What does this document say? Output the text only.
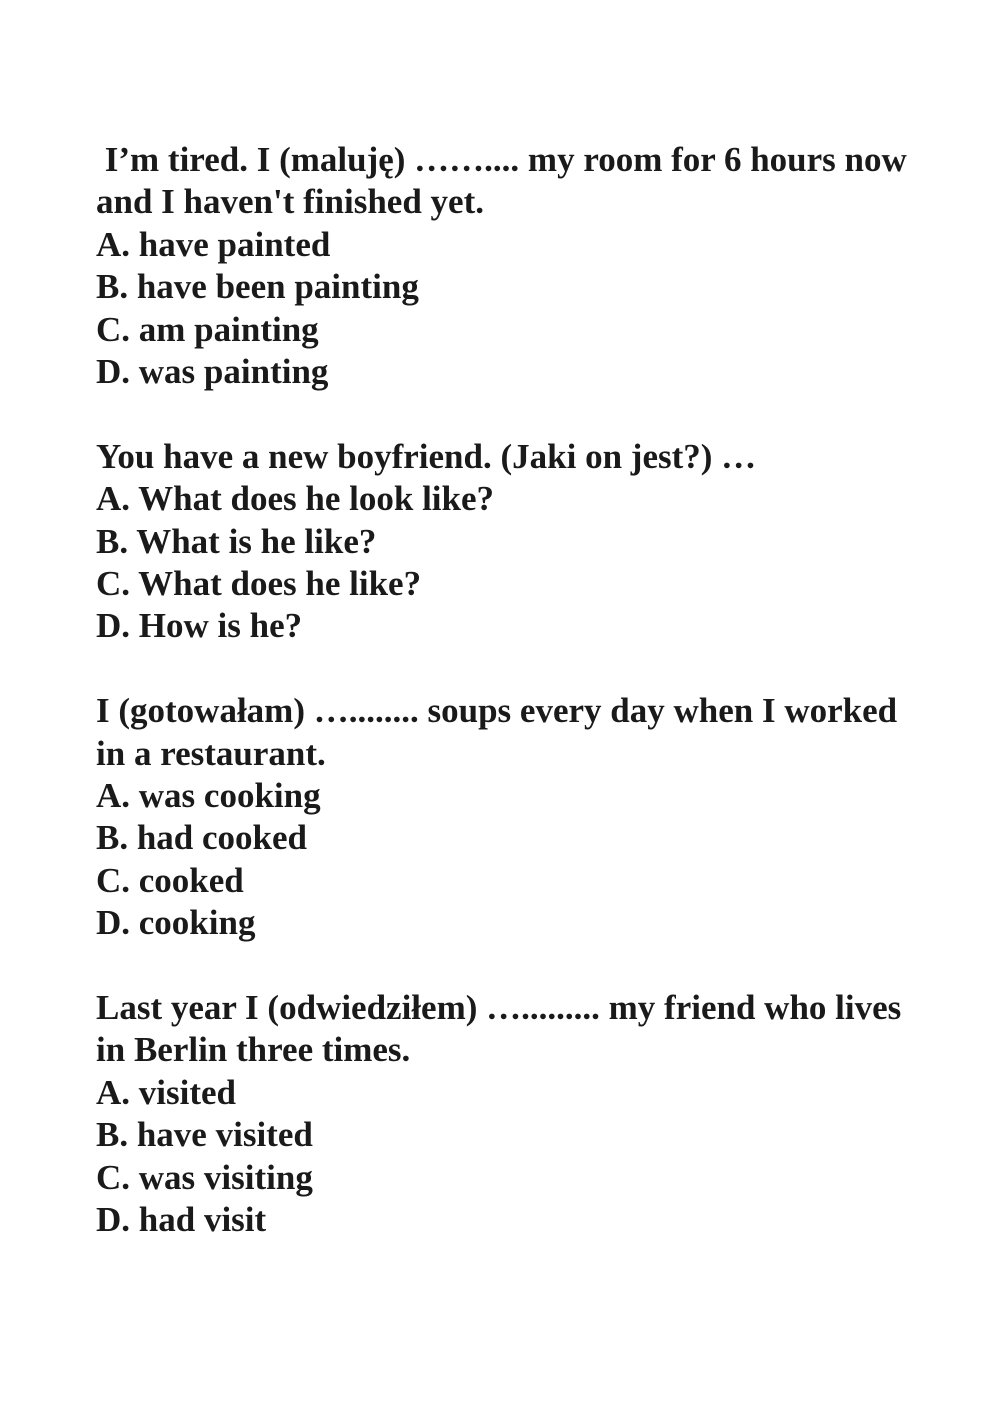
I’m tired. I (maluję) …….... my room for 6 hours now and I haven't finished yet.
A. have painted
B. have been painting
C. am painting
D. was painting
You have a new boyfriend. (Jaki on jest?) …
A. What does he look like?
B. What is he like?
C. What does he like?
D. How is he?
I (gotowałam) …........ soups every day when I worked in a restaurant.
A. was cooking
B. had cooked
C. cooked
D. cooking
Last year I (odwiedziłem) …......... my friend who lives in Berlin three times.
A. visited
B. have visited
C. was visiting
D. had visit
